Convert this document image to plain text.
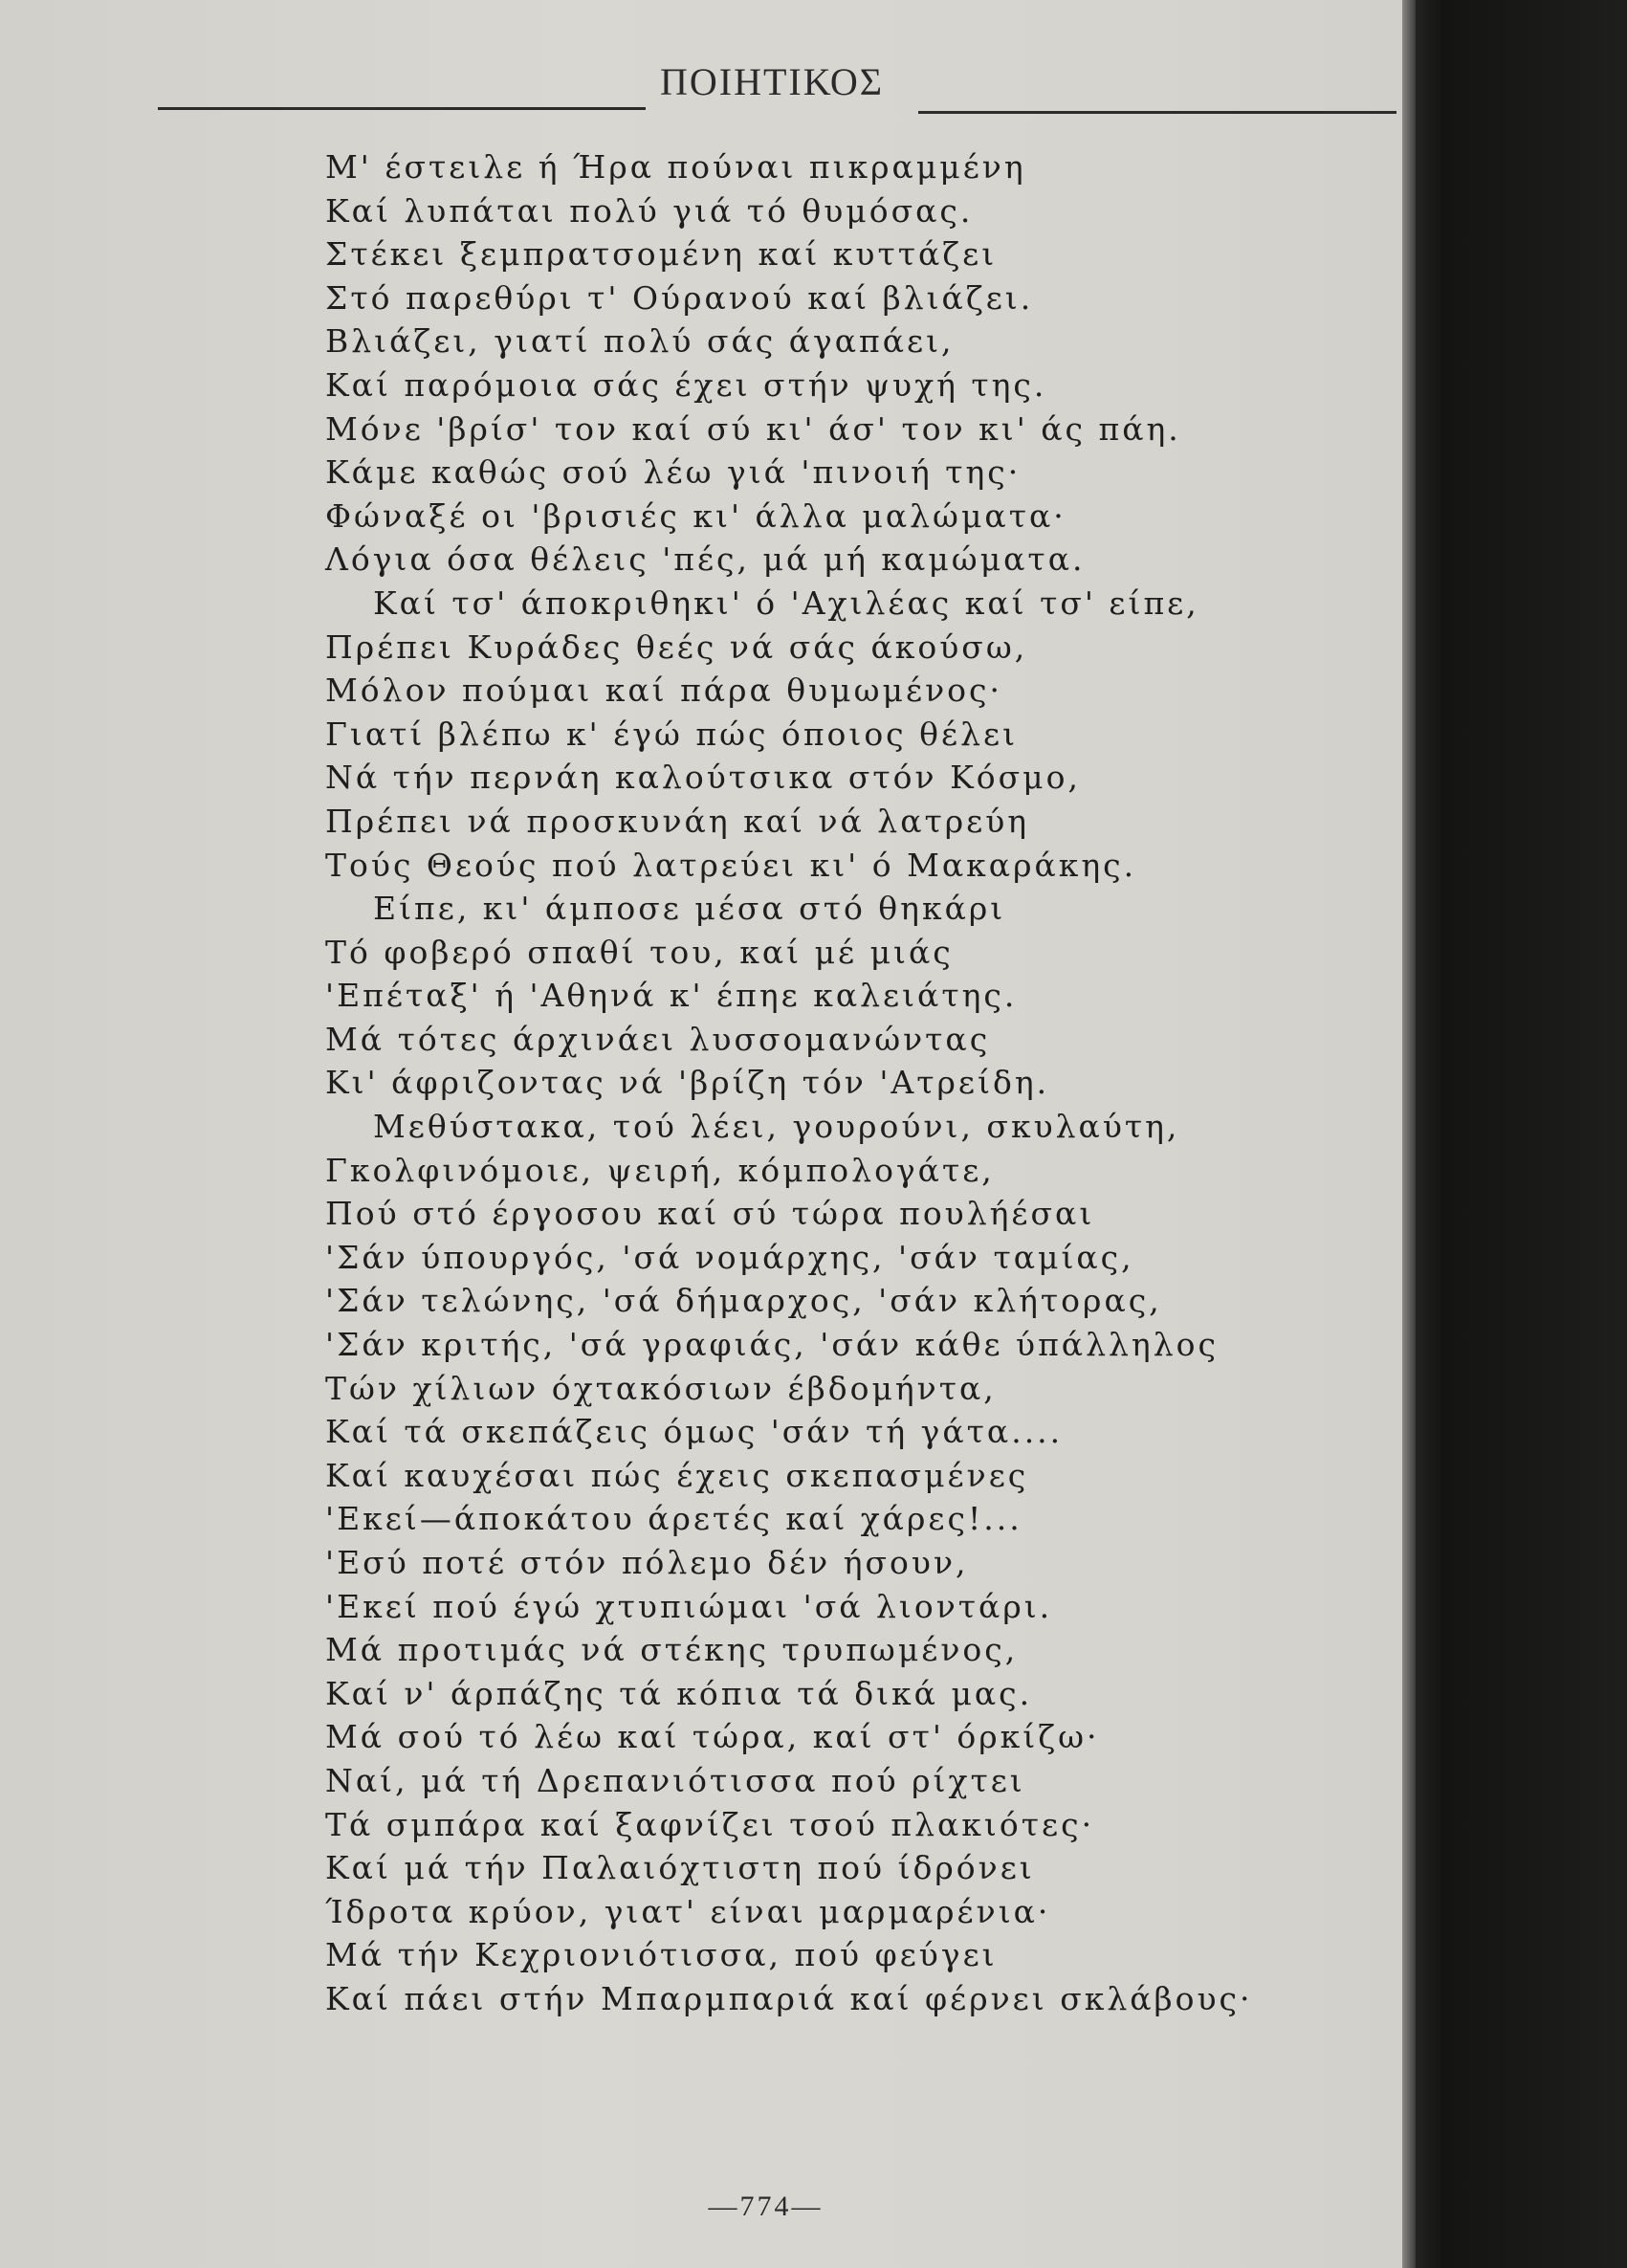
ΠΟΙΗΤΙΚΟΣ
Μ' έστειλε ή Ήρα πούναι πικραμμένη
Καί λυπάται πολύ γιά τό θυμόσας.
Στέκει ξεμπρατσομένη καί κυττάζει
Στό παρεθύρι τ' Ούρανού καί βλιάζει.
Βλιάζει, γιατί πολύ σάς άγαπάει,
Καί παρόμοια σάς έχει στήν ψυχή της.
Μόνε 'βρίσ' τον καί σύ κι' άσ' τον κι' άς πάη.
Κάμε καθώς σού λέω γιά 'πινοιή της·
Φώναξέ οι 'βρισιές κι' άλλα μαλώματα·
Λόγια όσα θέλεις 'πές, μά μή καμώματα.
Καί τσ' άποκριθηκι' ό 'Αχιλέας καί τσ' είπε,
Πρέπει Κυράδες θεές νά σάς άκούσω,
Μόλον πούμαι καί πάρα θυμωμένος·
Γιατί βλέπω κ' έγώ πώς όποιος θέλει
Νά τήν περνάη καλούτσικα στόν Κόσμο,
Πρέπει νά προσκυνάη καί νά λατρεύη
Τούς Θεούς πού λατρεύει κι' ό Μακαράκης.
Είπε, κι' άμποσε μέσα στό θηκάρι
Τό φοβερό σπαθί του, καί μέ μιάς
'Επέταξ' ή 'Αθηνά κ' έπηε καλειάτης.
Μά τότες άρχινάει λυσσομανώντας
Κι' άφριζοντας νά 'βρίζη τόν 'Ατρείδη.
Μεθύστακα, τού λέει, γουρούνι, σκυλαύτη,
Γκολφινόμοιε, ψειρή, κόμπολογάτε,
Πού στό έργοσου καί σύ τώρα πουλήέσαι
'Σάν ύπουργός, 'σά νομάρχης, 'σάν ταμίας,
'Σάν τελώνης, 'σά δήμαρχος, 'σάν κλήτορας,
'Σάν κριτής, 'σά γραφιάς, 'σάν κάθε ύπάλληλος
Τών χίλιων όχτακόσιων έβδομήντα,
Καί τά σκεπάζεις όμως 'σάν τή γάτα....
Καί καυχέσαι πώς έχεις σκεπασμένες
'Εκεί—άποκάτου άρετές καί χάρες!...
'Εσύ ποτέ στόν πόλεμο δέν ήσουν,
'Εκεί πού έγώ χτυπιώμαι 'σά λιοντάρι.
Μά προτιμάς νά στέκης τρυπωμένος,
Καί ν' άρπάζης τά κόπια τά δικά μας.
Μά σού τό λέω καί τώρα, καί στ' όρκίζω·
Ναί, μά τή Δρεπανιότισσα πού ρίχτει
Τά σμπάρα καί ξαφνίζει τσού πλακιότες·
Καί μά τήν Παλαιόχτιστη πού ίδρόνει
Ίδροτα κρύον, γιατ' είναι μαρμαρένια·
Μά τήν Κεχριονιότισσα, πού φεύγει
Καί πάει στήν Μπαρμπαριά καί φέρνει σκλάβους·
—774—
